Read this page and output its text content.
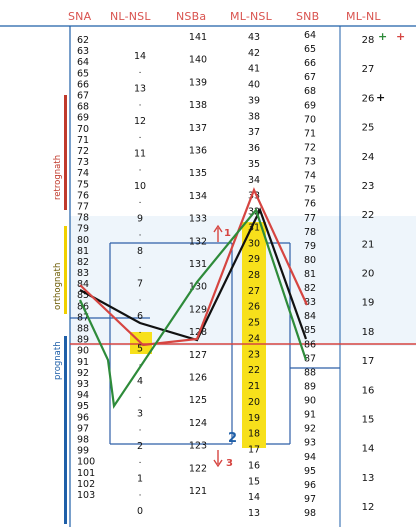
SNA NL-NSL NSBa ML-NSL SNB ML-NL
retrognath
orthognath
prognath
62
63
64
65
66
67
68
69
70
71
72
73
74
75
76
77
78
79
80
81
82
83
84
85
86
87
88
89
90
91
92
93
94
95
96
97
98
99
100
101
102
103
14
·
13
·
12
·
11
·
10
·
9
·
8
·
7
·
6
·
5
·
4
·
3
·
2
·
1
·
0
141
140
139
138
137
136
135
134
133
132
131
130
129
128
127
126
125
124
123
122
121
43
42
41
40
39
38
37
36
35
34
33
32
31
30
29
28
27
26
25
24
23
22
21
20
19
18
17
16
15
14
13
64
65
66
67
68
69
70
71
72
73
74
75
76
77
78
79
80
81
82
83
84
85
86
87
88
89
90
91
92
93
94
95
96
97
98
28
27
26
25
24
23
22
21
20
19
18
17
16
15
14
13
12
1
2
3
+ +
+
